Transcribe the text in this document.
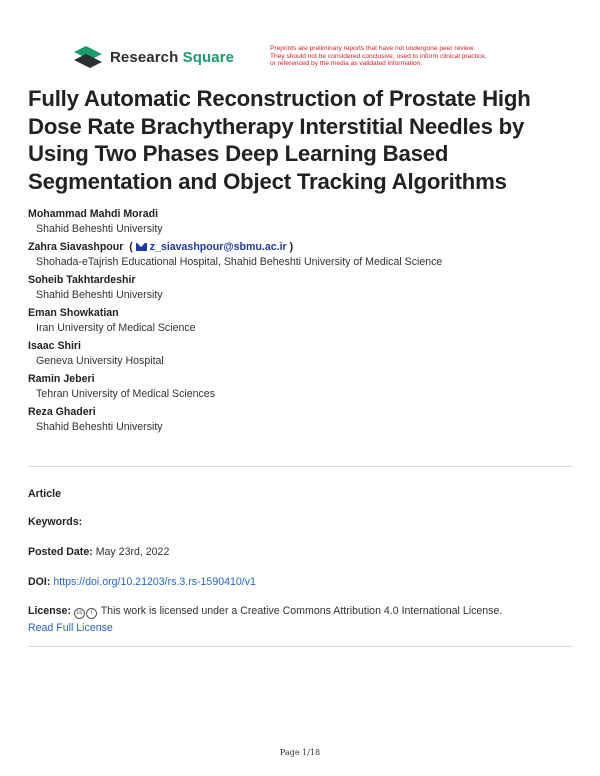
Research Square	Preprints are preliminary reports that have not undergone peer review.
They should not be considered conclusive, used to inform clinical practice,
or referenced by the media as validated information.
Fully Automatic Reconstruction of Prostate High Dose Rate Brachytherapy Interstitial Needles by Using Two Phases Deep Learning Based Segmentation and Object Tracking Algorithms
Mohammad Mahdi Moradi
Shahid Beheshti University
Zahra Siavashpour  ( z_siavashpour@sbmu.ac.ir )
Shohada-eTajrish Educational Hospital, Shahid Beheshti University of Medical Science
Soheib Takhtardeshir
Shahid Beheshti University
Eman Showkatian
Iran University of Medical Science
Isaac Shiri
Geneva University Hospital
Ramin Jeberi
Tehran University of Medical Sciences
Reza Ghaderi
Shahid Beheshti University
Article
Keywords:
Posted Date: May 23rd, 2022
DOI: https://doi.org/10.21203/rs.3.rs-1590410/v1
License: cc i This work is licensed under a Creative Commons Attribution 4.0 International License.
Read Full License
Page 1/18
